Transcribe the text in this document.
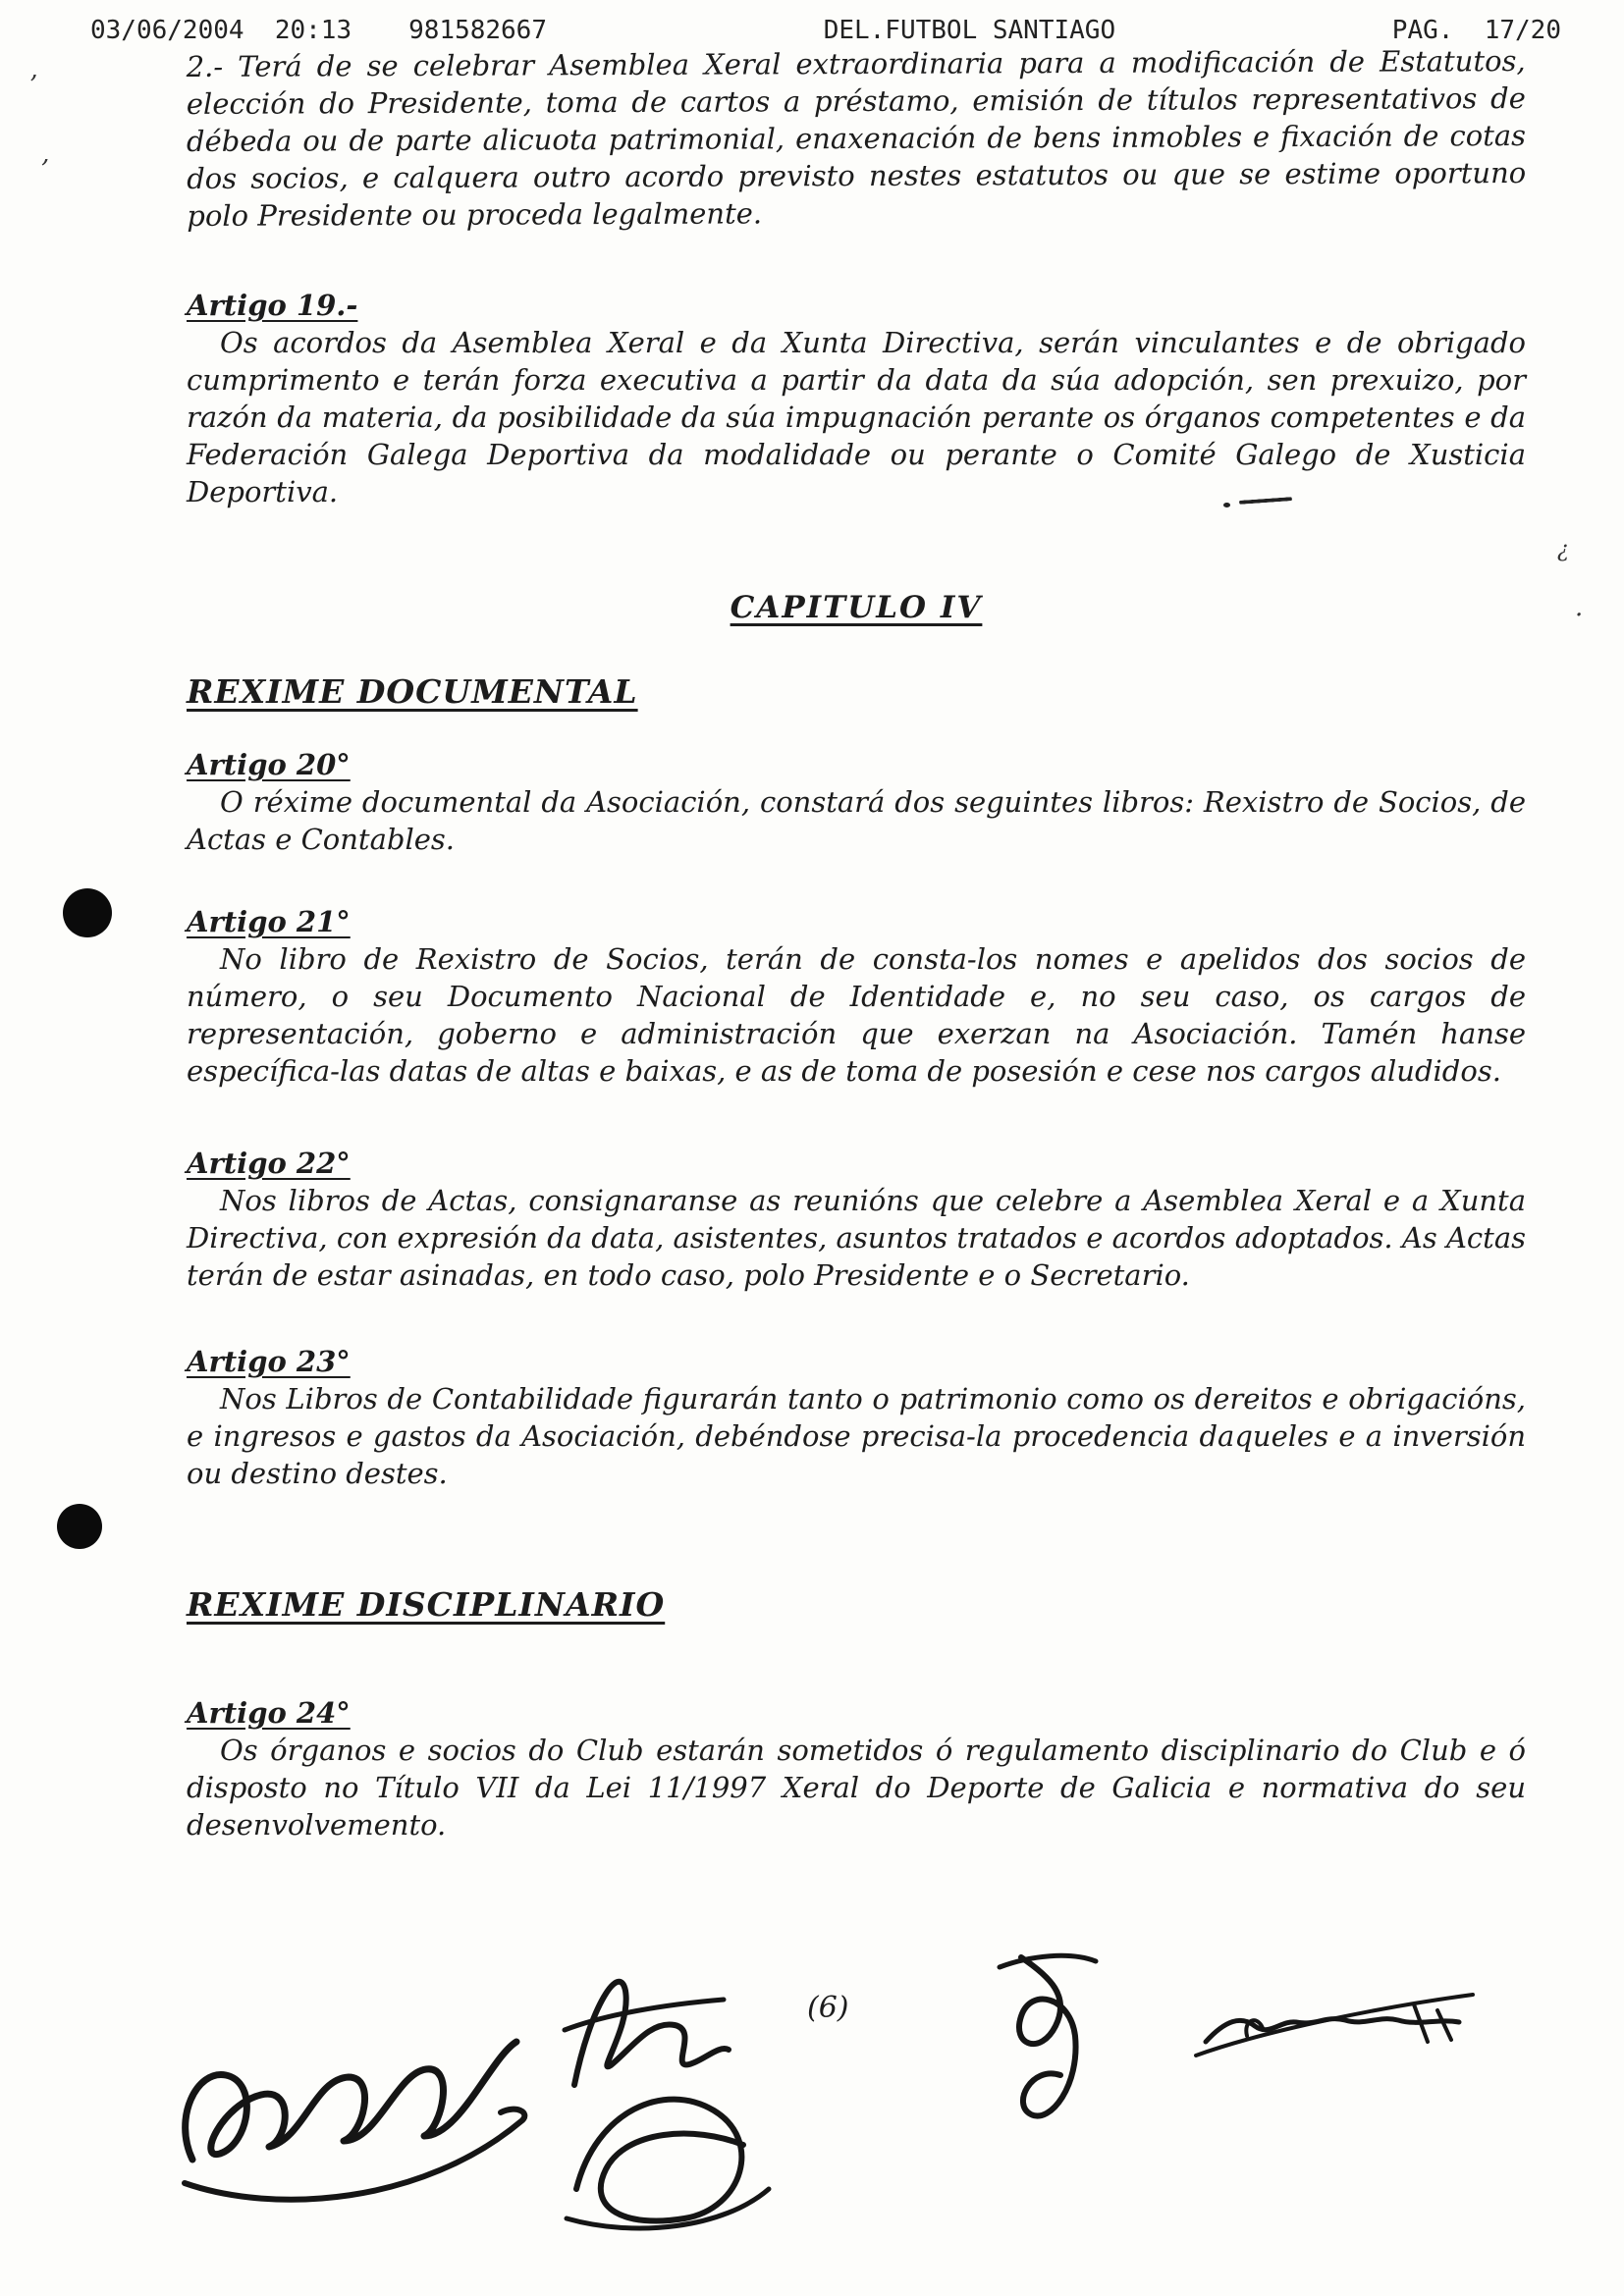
03/06/2004  20:13 981582667	DEL.FUTBOL SANTIAGO	PAG.  17/20

2.- Terá de se celebrar Asemblea Xeral extraordinaria para a modificación de Estatutos, elección do Presidente, toma de cartos a préstamo, emisión de títulos representativos de débeda ou de parte alicuota patrimonial, enaxenación de bens inmobles e fixación de cotas dos socios, e calquera outro acordo previsto nestes estatutos ou que se estime oportuno polo Presidente ou proceda legalmente.

Artigo 19.-

Os acordos da Asemblea Xeral e da Xunta Directiva, serán vinculantes e de obrigado cumprimento e terán forza executiva a partir da data da súa adopción, sen prexuizo, por razón da materia, da posibilidade da súa impugnación perante os órganos competentes e da Federación Galega Deportiva da modalidade ou perante o Comité Galego de Xusticia Deportiva.

CAPITULO IV
REXIME DOCUMENTAL
Artigo 20°

O réxime documental da Asociación, constará dos seguintes libros: Rexistro de Socios, de Actas e Contables.

Artigo 21°

No libro de Rexistro de Socios, terán de consta-los nomes e apelidos dos socios de número, o seu Documento Nacional de Identidade e, no seu caso, os cargos de representación, goberno e administración que exerzan na Asociación. Tamén hanse específica-las datas de altas e baixas, e as de toma de posesión e cese nos cargos aludidos.

Artigo 22°

Nos libros de Actas, consignaranse as reunións que celebre a Asemblea Xeral e a Xunta Directiva, con expresión da data, asistentes, asuntos tratados e acordos adoptados. As Actas terán de estar asinadas, en todo caso, polo Presidente e o Secretario.

Artigo 23°

Nos Libros de Contabilidade figurarán tanto o patrimonio como os dereitos e obrigacións, e ingresos e gastos da Asociación, debéndose precisa-la procedencia daqueles e a inversión ou destino destes.

REXIME DISCIPLINARIO
Artigo 24°

Os órganos e socios do Club estarán sometidos ó regulamento disciplinario do Club e ó disposto no Título VII da Lei 11/1997 Xeral do Deporte de Galicia e normativa do seu desenvolvemento.

’
‚
¿
·
(6)
